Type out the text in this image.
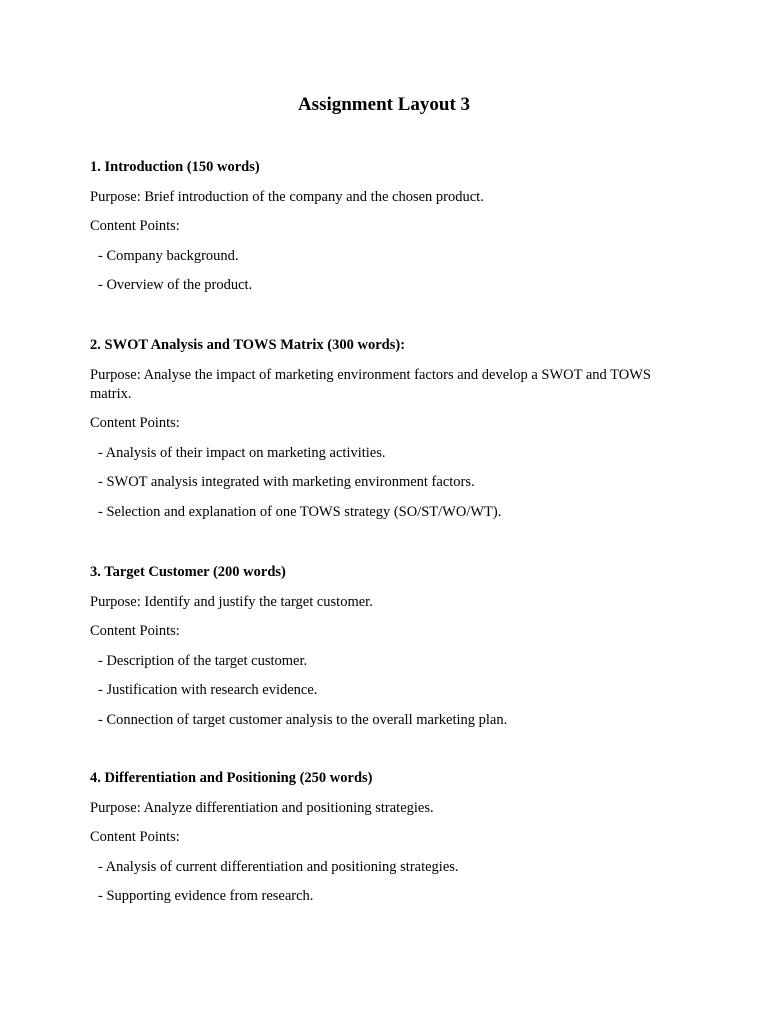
Assignment Layout 3

1. Introduction (150 words)

Purpose: Brief introduction of the company and the chosen product.

Content Points:

- Company background.

- Overview of the product.

2. SWOT Analysis and TOWS Matrix (300 words):

Purpose: Analyse the impact of marketing environment factors and develop a SWOT and TOWS matrix.

Content Points:

- Analysis of their impact on marketing activities.

- SWOT analysis integrated with marketing environment factors.

- Selection and explanation of one TOWS strategy (SO/ST/WO/WT).

3. Target Customer (200 words)

Purpose: Identify and justify the target customer.

Content Points:

- Description of the target customer.

- Justification with research evidence.

- Connection of target customer analysis to the overall marketing plan.

4. Differentiation and Positioning (250 words)

Purpose: Analyze differentiation and positioning strategies.

Content Points:

- Analysis of current differentiation and positioning strategies.

- Supporting evidence from research.
